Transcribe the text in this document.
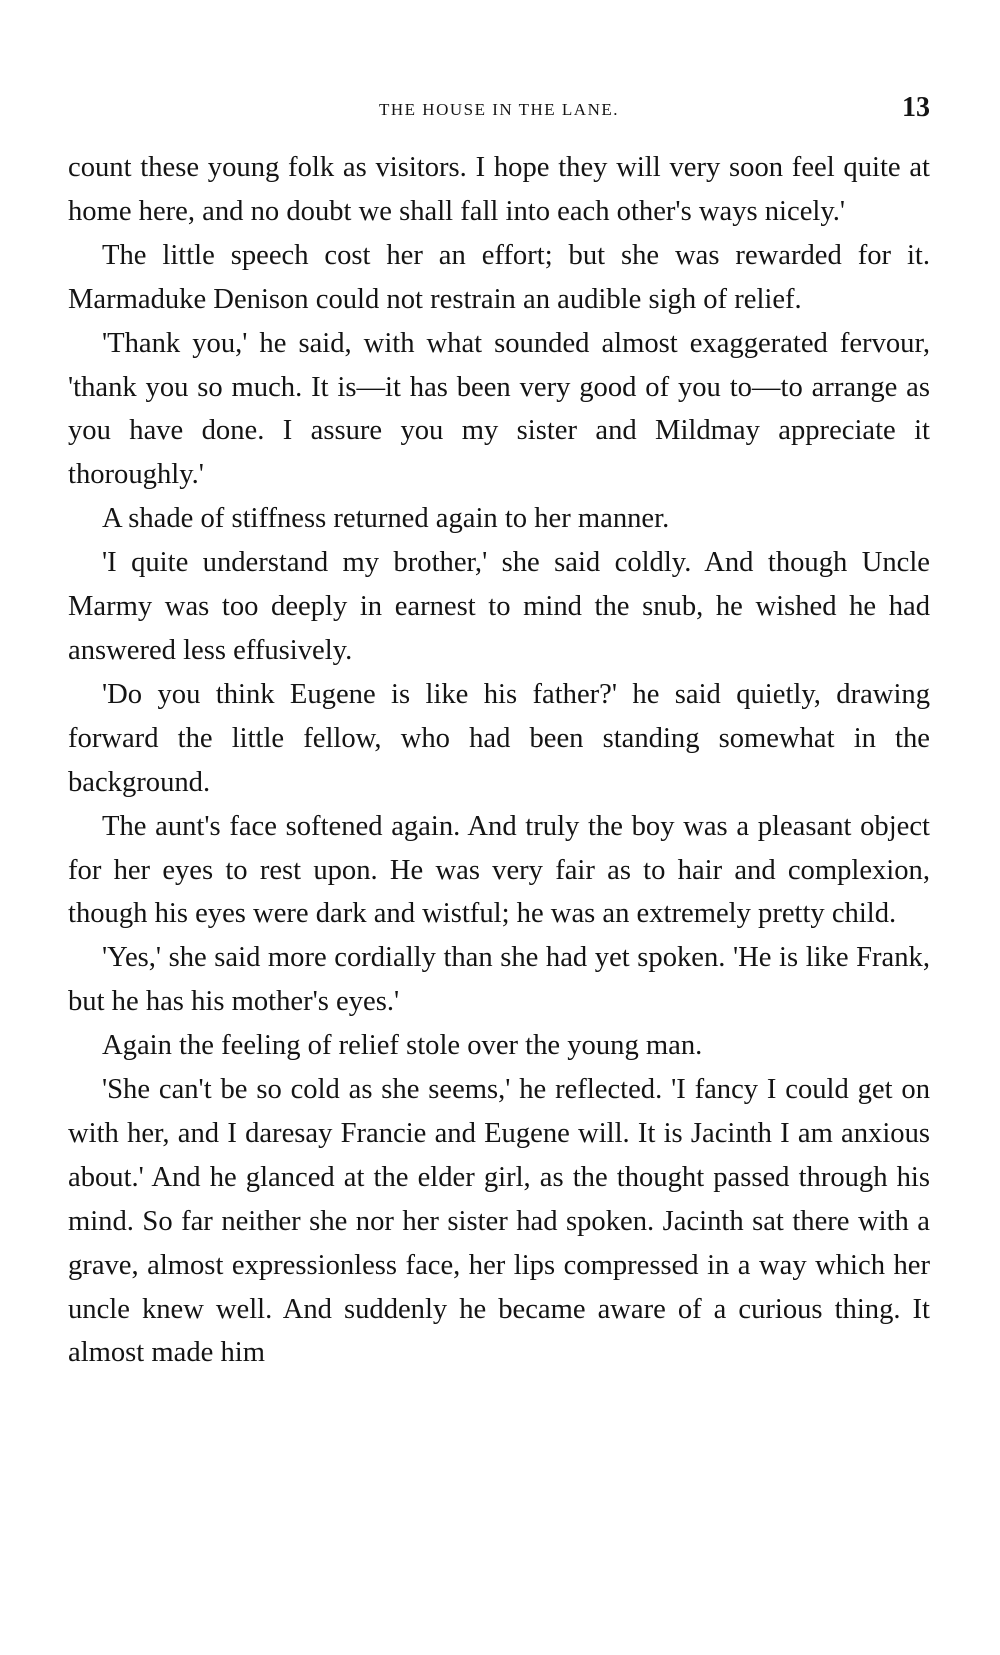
THE HOUSE IN THE LANE.	13

count these young folk as visitors. I hope they will very soon feel quite at home here, and no doubt we shall fall into each other's ways nicely.'

The little speech cost her an effort; but she was rewarded for it. Marmaduke Denison could not restrain an audible sigh of relief.

'Thank you,' he said, with what sounded almost exaggerated fervour, 'thank you so much. It is—it has been very good of you to—to arrange as you have done. I assure you my sister and Mildmay appreciate it thoroughly.'

A shade of stiffness returned again to her manner.

'I quite understand my brother,' she said coldly. And though Uncle Marmy was too deeply in earnest to mind the snub, he wished he had answered less effusively.

'Do you think Eugene is like his father?' he said quietly, drawing forward the little fellow, who had been standing somewhat in the background.

The aunt's face softened again. And truly the boy was a pleasant object for her eyes to rest upon. He was very fair as to hair and complexion, though his eyes were dark and wistful; he was an extremely pretty child.

'Yes,' she said more cordially than she had yet spoken. 'He is like Frank, but he has his mother's eyes.'

Again the feeling of relief stole over the young man.

'She can't be so cold as she seems,' he reflected. 'I fancy I could get on with her, and I daresay Francie and Eugene will. It is Jacinth I am anxious about.' And he glanced at the elder girl, as the thought passed through his mind. So far neither she nor her sister had spoken. Jacinth sat there with a grave, almost expressionless face, her lips compressed in a way which her uncle knew well. And suddenly he became aware of a curious thing. It almost made him
